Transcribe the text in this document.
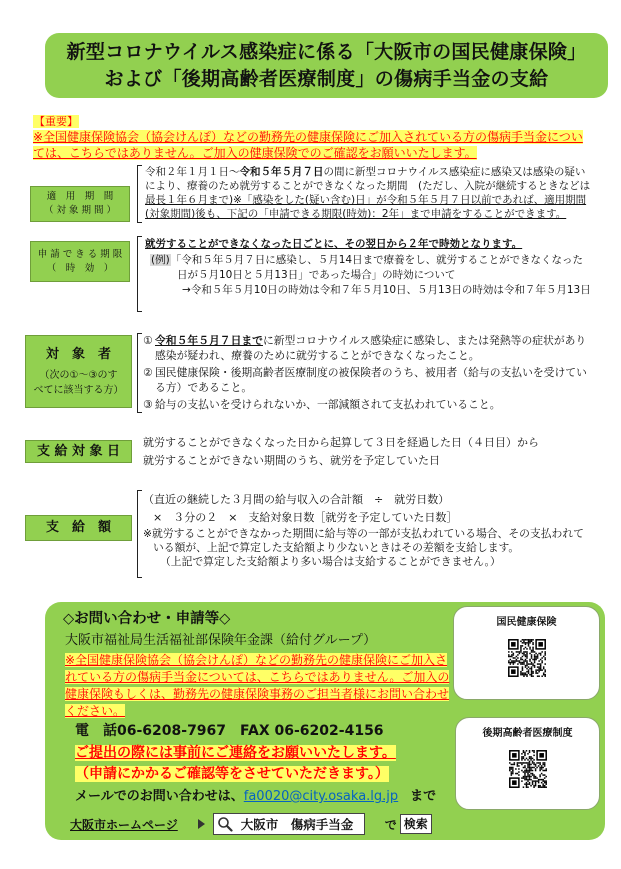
新型コロナウイルス感染症に係る「大阪市の国民健康保険」
および「後期高齢者医療制度」の傷病手当金の支給
【重要】
※全国健康保険協会（協会けんぽ）などの勤務先の健康保険にご加入されている方の傷病手当金については、こちらではありません。ご加入の健康保険でのご確認をお願いいたします。
適　用　期　間
（ 対 象 期 間 ）
令和２年１月１日～令和５年５月７日の間に新型コロナウイルス感染症に感染又は感染の疑いにより、療養のため就労することができなくなった期間　(ただし、入院が継続するときなどは最長１年６月まで)※「感染をした(疑い含む)日」が令和５年５月７日以前であれば、適用期間(対象期間)後も、下記の「申請できる期限(時効)：2年」まで申請をすることができます。
申 請 で き る 期 限
（　時　効　）
就労することができなくなった日ごとに、その翌日から２年で時効となります。
(例)「令和５年５月７日に感染し、５月14日まで療養をし、就労することができなくなった日が５月10日と５月13日」であった場合」の時効について
→令和５年５月10日の時効は令和７年５月10日、５月13日の時効は令和７年５月13日
対　象　者
（次の①～③のす
べてに該当する方）
① 令和５年５月７日までに新型コロナウイルス感染症に感染し、または発熱等の症状があり感染が疑われ、療養のために就労することができなくなったこと。
② 国民健康保険・後期高齢者医療制度の被保険者のうち、被用者（給与の支払いを受けている方）であること。
③ 給与の支払いを受けられないか、一部減額されて支払われていること。
支 給 対 象 日
就労することができなくなった日から起算して３日を経過した日（４日目）から
就労することができない期間のうち、就労を予定していた日
支　給　額
（直近の継続した３月間の給与収入の合計額　÷　就労日数）
×　３分の２　×　支給対象日数［就労を予定していた日数］
※就労することができなかった期間に給与等の一部が支払われている場合、その支払われている額が、上記で算定した支給額より少ないときはその差額を支給します。
（上記で算定した支給額より多い場合は支給することができません。）
◇お問い合わせ・申請等◇
大阪市福祉局生活福祉部保険年金課（給付グループ）
※全国健康保険協会（協会けんぽ）などの勤務先の健康保険にご加入されている方の傷病手当金については、こちらではありません。ご加入の健康保険もしくは、勤務先の健康保険事務のご担当者様にお問い合わせください。
電　話06-6208-7967 FAX 06-6202-4156
ご提出の際には事前にご連絡をお願いいたします。
（申請にかかるご確認等をさせていただきます。）
メールでのお問い合わせは、fa0020@city.osaka.lg.jp まで
大阪市ホームページ	大阪市　傷病手当金	で 検索
国民健康保険
後期高齢者医療制度
